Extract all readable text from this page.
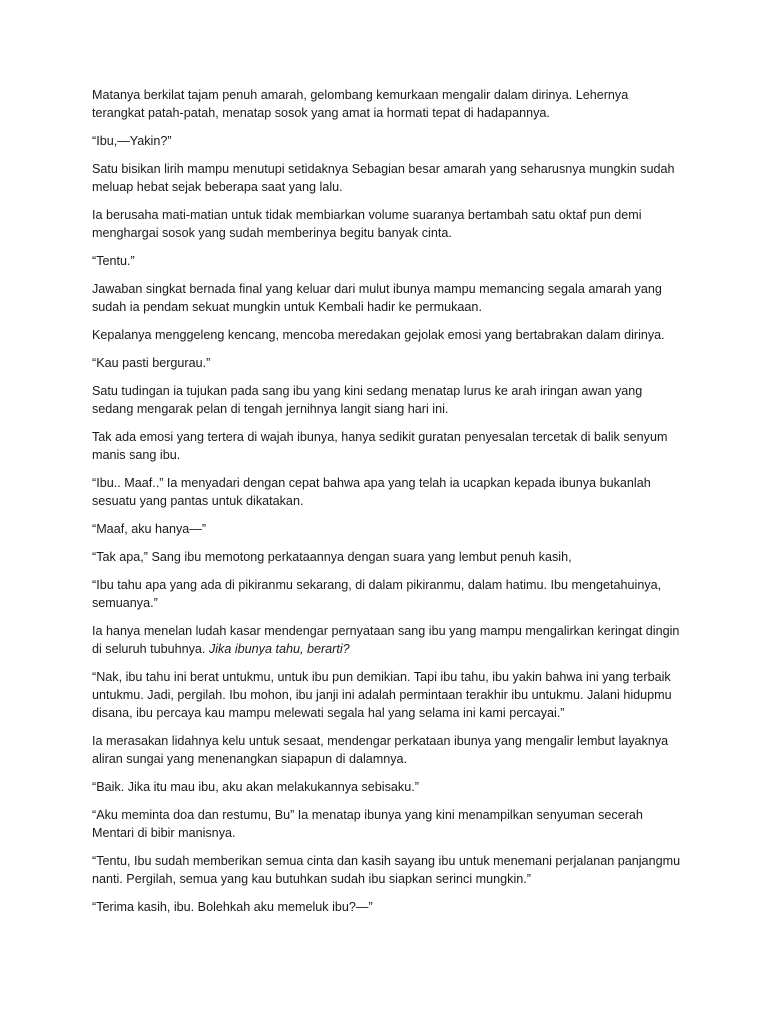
Matanya berkilat tajam penuh amarah, gelombang kemurkaan mengalir dalam dirinya. Lehernya terangkat patah-patah, menatap sosok yang amat ia hormati tepat di hadapannya.

“Ibu,—Yakin?”

Satu bisikan lirih mampu menutupi setidaknya Sebagian besar amarah yang seharusnya mungkin sudah meluap hebat sejak beberapa saat yang lalu.

Ia berusaha mati-matian untuk tidak membiarkan volume suaranya bertambah satu oktaf pun demi menghargai sosok yang sudah memberinya begitu banyak cinta.

“Tentu.”

Jawaban singkat bernada final yang keluar dari mulut ibunya mampu memancing segala amarah yang sudah ia pendam sekuat mungkin untuk Kembali hadir ke permukaan.

Kepalanya menggeleng kencang, mencoba meredakan gejolak emosi yang bertabrakan dalam dirinya.

“Kau pasti bergurau.”

Satu tudingan ia tujukan pada sang ibu yang kini sedang menatap lurus ke arah iringan awan yang sedang mengarak pelan di tengah jernihnya langit siang hari ini.

Tak ada emosi yang tertera di wajah ibunya, hanya sedikit guratan penyesalan tercetak di balik senyum manis sang ibu.

“Ibu.. Maaf..” Ia menyadari dengan cepat bahwa apa yang telah ia ucapkan kepada ibunya bukanlah sesuatu yang pantas untuk dikatakan.

“Maaf, aku hanya—”

“Tak apa,” Sang ibu memotong perkataannya dengan suara yang lembut penuh kasih,

“Ibu tahu apa yang ada di pikiranmu sekarang, di dalam pikiranmu, dalam hatimu. Ibu mengetahuinya, semuanya.”

Ia hanya menelan ludah kasar mendengar pernyataan sang ibu yang mampu mengalirkan keringat dingin di seluruh tubuhnya. Jika ibunya tahu, berarti?

“Nak, ibu tahu ini berat untukmu, untuk ibu pun demikian. Tapi ibu tahu, ibu yakin bahwa ini yang terbaik untukmu. Jadi, pergilah. Ibu mohon, ibu janji ini adalah permintaan terakhir ibu untukmu. Jalani hidupmu disana, ibu percaya kau mampu melewati segala hal yang selama ini kami percayai.”

Ia merasakan lidahnya kelu untuk sesaat, mendengar perkataan ibunya yang mengalir lembut layaknya aliran sungai yang menenangkan siapapun di dalamnya.

“Baik. Jika itu mau ibu, aku akan melakukannya sebisaku.”

“Aku meminta doa dan restumu, Bu” Ia menatap ibunya yang kini menampilkan senyuman secerah Mentari di bibir manisnya.

“Tentu, Ibu sudah memberikan semua cinta dan kasih sayang ibu untuk menemani perjalanan panjangmu nanti. Pergilah, semua yang kau butuhkan sudah ibu siapkan serinci mungkin.”

“Terima kasih, ibu. Bolehkah aku memeluk ibu?—”
